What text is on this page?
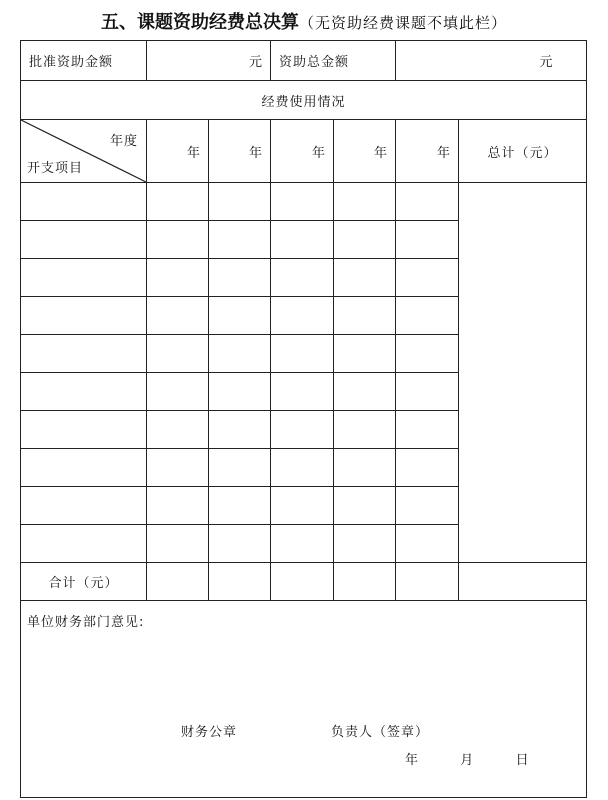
五、课题资助经费总决算（无资助经费课题不填此栏）
批准资助金额	元		资助总金额		元	
经费使用情况						

年度
开支项目	年	年	年	年	年	总计（元）

合计（元）						

单位财务部门意见:
财务公章 负责人（签章）
年 月 日						
